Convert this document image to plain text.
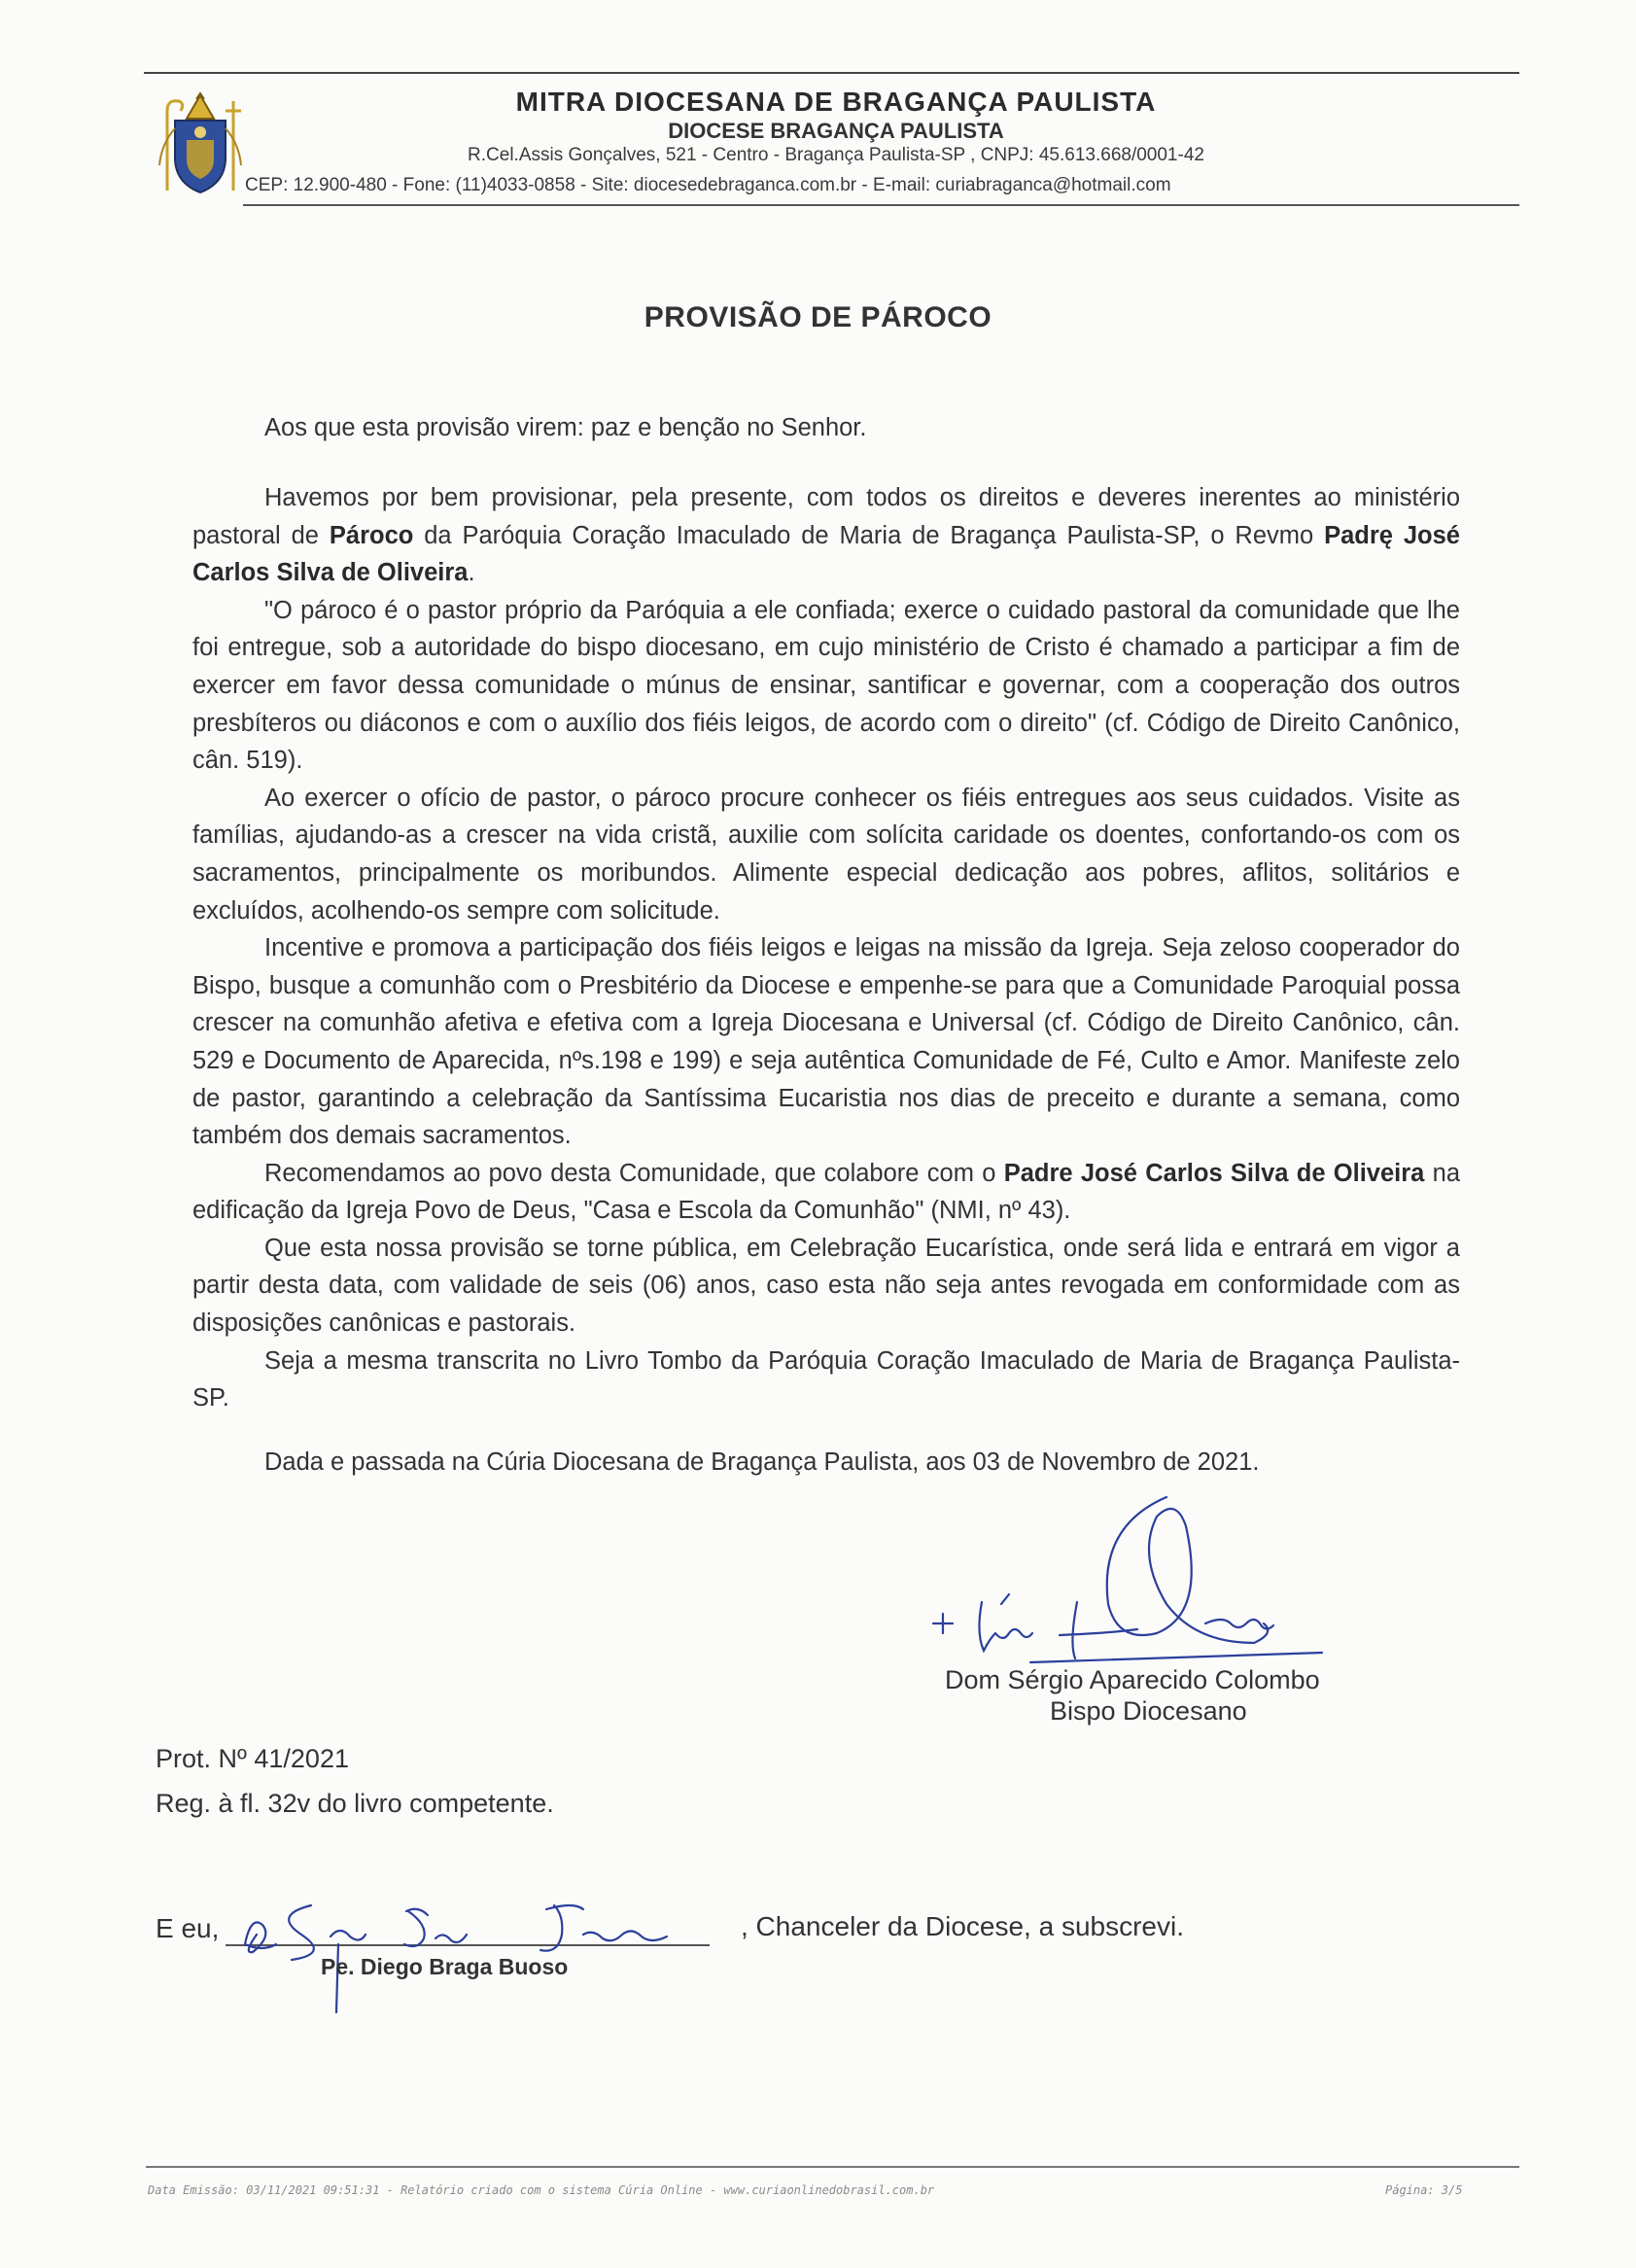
MITRA DIOCESANA DE BRAGANÇA PAULISTA
DIOCESE BRAGANÇA PAULISTA
R.Cel.Assis Gonçalves, 521 - Centro - Bragança Paulista-SP , CNPJ: 45.613.668/0001-42
CEP: 12.900-480 - Fone: (11)4033-0858 - Site: diocesedebraganca.com.br - E-mail: curiabraganca@hotmail.com
PROVISÃO DE PÁROCO
Aos que esta provisão virem: paz e benção no Senhor.

Havemos por bem provisionar, pela presente, com todos os direitos e deveres inerentes ao ministério pastoral de Pároco da Paróquia Coração Imaculado de Maria de Bragança Paulista-SP, o Revmo Padrę José Carlos Silva de Oliveira.

"O pároco é o pastor próprio da Paróquia a ele confiada; exerce o cuidado pastoral da comunidade que lhe foi entregue, sob a autoridade do bispo diocesano, em cujo ministério de Cristo é chamado a participar a fim de exercer em favor dessa comunidade o múnus de ensinar, santificar e governar, com a cooperação dos outros presbíteros ou diáconos e com o auxílio dos fiéis leigos, de acordo com o direito" (cf. Código de Direito Canônico, cân. 519).

Ao exercer o ofício de pastor, o pároco procure conhecer os fiéis entregues aos seus cuidados. Visite as famílias, ajudando-as a crescer na vida cristã, auxilie com solícita caridade os doentes, confortando-os com os sacramentos, principalmente os moribundos. Alimente especial dedicação aos pobres, aflitos, solitários e excluídos, acolhendo-os sempre com solicitude.

Incentive e promova a participação dos fiéis leigos e leigas na missão da Igreja. Seja zeloso cooperador do Bispo, busque a comunhão com o Presbitério da Diocese e empenhe-se para que a Comunidade Paroquial possa crescer na comunhão afetiva e efetiva com a Igreja Diocesana e Universal (cf. Código de Direito Canônico, cân. 529 e Documento de Aparecida, nºs.198 e 199) e seja autêntica Comunidade de Fé, Culto e Amor. Manifeste zelo de pastor, garantindo a celebração da Santíssima Eucaristia nos dias de preceito e durante a semana, como também dos demais sacramentos.

Recomendamos ao povo desta Comunidade, que colabore com o Padre José Carlos Silva de Oliveira na edificação da Igreja Povo de Deus, "Casa e Escola da Comunhão" (NMI, nº 43).

Que esta nossa provisão se torne pública, em Celebração Eucarística, onde será lida e entrará em vigor a partir desta data, com validade de seis (06) anos, caso esta não seja antes revogada em conformidade com as disposições canônicas e pastorais.

Seja a mesma transcrita no Livro Tombo da Paróquia Coração Imaculado de Maria de Bragança Paulista-SP.

Dada e passada na Cúria Diocesana de Bragança Paulista, aos 03 de Novembro de 2021.
Dom Sérgio Aparecido Colombo
Bispo Diocesano
Prot. Nº 41/2021
Reg. à fl. 32v do livro competente.
E eu,
Pe. Diego Braga Buoso
, Chanceler da Diocese, a subscrevi.
Data Emissão: 03/11/2021 09:51:31 - Relatório criado com o sistema Cúria Online - www.curiaonlinedobrasil.com.br	Página: 3/5
